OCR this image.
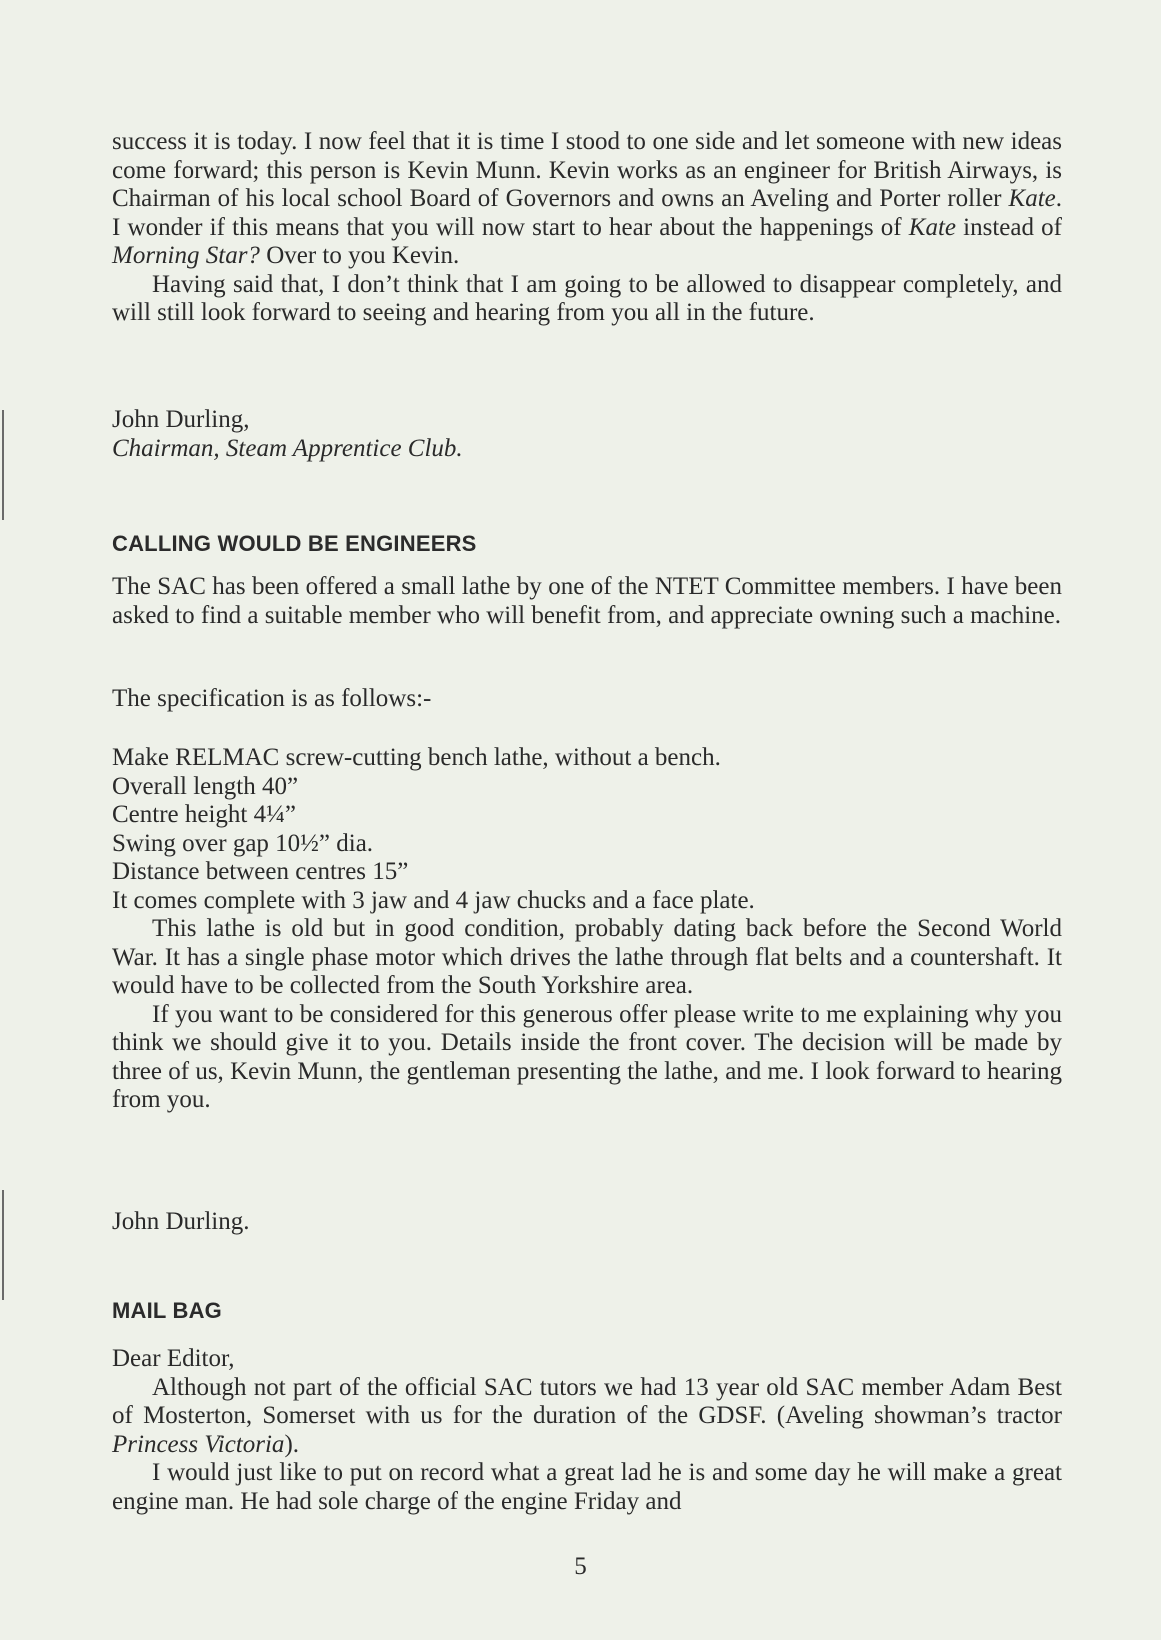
success it is today. I now feel that it is time I stood to one side and let someone with new ideas come forward; this person is Kevin Munn. Kevin works as an engineer for British Airways, is Chairman of his local school Board of Governors and owns an Aveling and Porter roller Kate. I wonder if this means that you will now start to hear about the happenings of Kate instead of Morning Star? Over to you Kevin.

Having said that, I don’t think that I am going to be allowed to disappear completely, and will still look forward to seeing and hearing from you all in the future.

John Durling,
Chairman, Steam Apprentice Club.
CALLING WOULD BE ENGINEERS

The SAC has been offered a small lathe by one of the NTET Committee members. I have been asked to find a suitable member who will benefit from, and appreciate owning such a machine.

The specification is as follows:-

Make RELMAC screw-cutting bench lathe, without a bench.
Overall length 40”
Centre height 4¼”
Swing over gap 10½” dia.
Distance between centres 15”
It comes complete with 3 jaw and 4 jaw chucks and a face plate.

This lathe is old but in good condition, probably dating back before the Second World War. It has a single phase motor which drives the lathe through flat belts and a countershaft. It would have to be collected from the South Yorkshire area.

If you want to be considered for this generous offer please write to me explaining why you think we should give it to you. Details inside the front cover. The decision will be made by three of us, Kevin Munn, the gentleman presenting the lathe, and me. I look forward to hearing from you.

John Durling.
MAIL BAG
Dear Editor,

Although not part of the official SAC tutors we had 13 year old SAC member Adam Best of Mosterton, Somerset with us for the duration of the GDSF. (Aveling showman’s tractor Princess Victoria).

I would just like to put on record what a great lad he is and some day he will make a great engine man. He had sole charge of the engine Friday and

5
